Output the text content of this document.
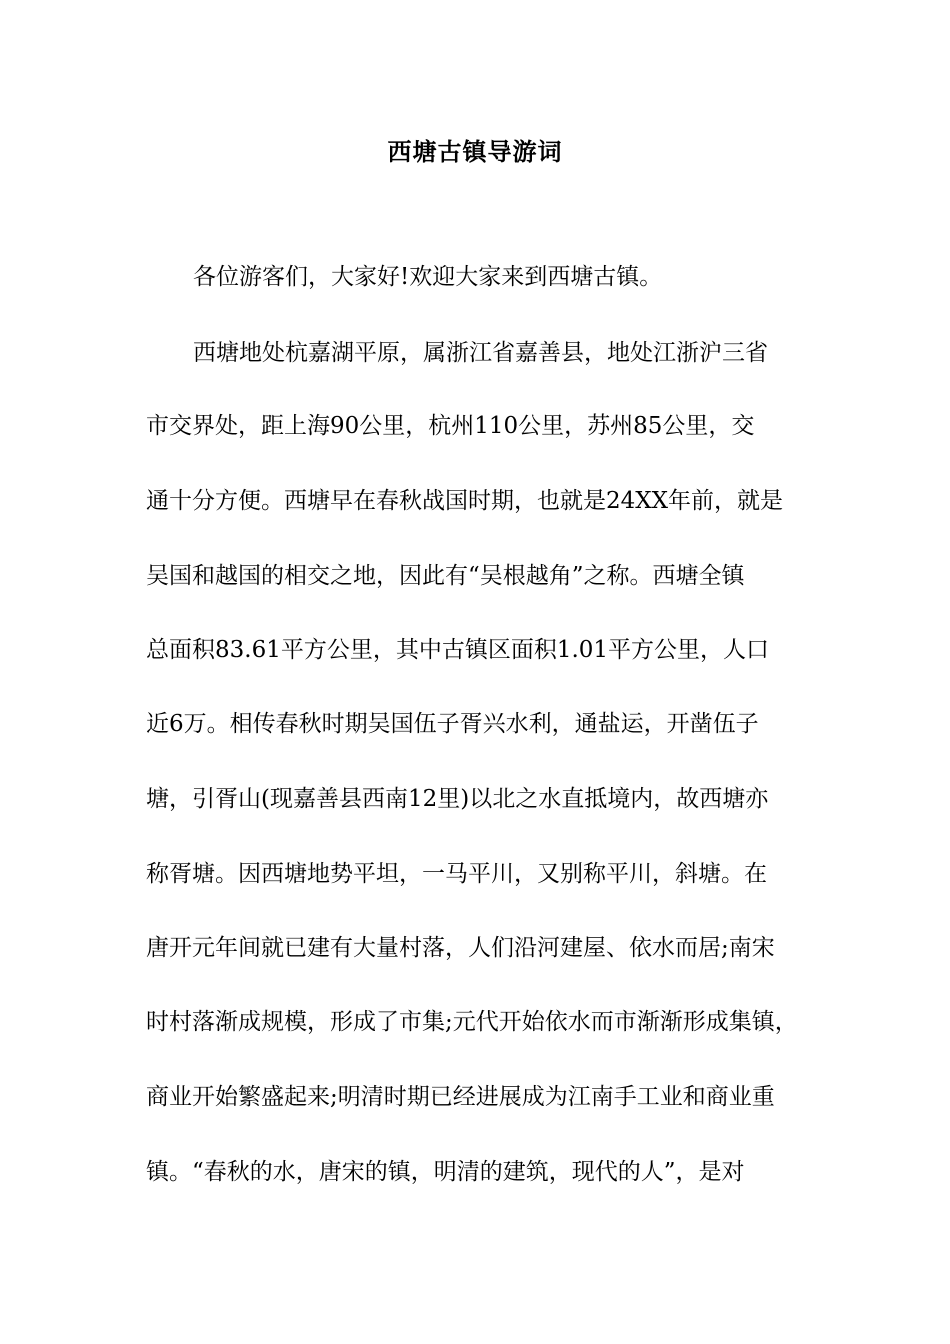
西塘古镇导游词
各位游客们，大家好!欢迎大家来到西塘古镇。
西塘地处杭嘉湖平原，属浙江省嘉善县，地处江浙沪三省
市交界处，距上海90公里，杭州110公里，苏州85公里，交
通十分方便。西塘早在春秋战国时期，也就是24XX年前，就是
吴国和越国的相交之地，因此有“吴根越角”之称。西塘全镇
总面积83.61平方公里，其中古镇区面积1.01平方公里，人口
近6万。相传春秋时期吴国伍子胥兴水利，通盐运，开凿伍子
塘，引胥山(现嘉善县西南12里)以北之水直抵境内，故西塘亦
称胥塘。因西塘地势平坦，一马平川，又别称平川，斜塘。在
唐开元年间就已建有大量村落，人们沿河建屋、依水而居;南宋
时村落渐成规模，形成了市集;元代开始依水而市渐渐形成集镇，
商业开始繁盛起来;明清时期已经进展成为江南手工业和商业重
镇。“春秋的水，唐宋的镇，明清的建筑，现代的人”，是对
